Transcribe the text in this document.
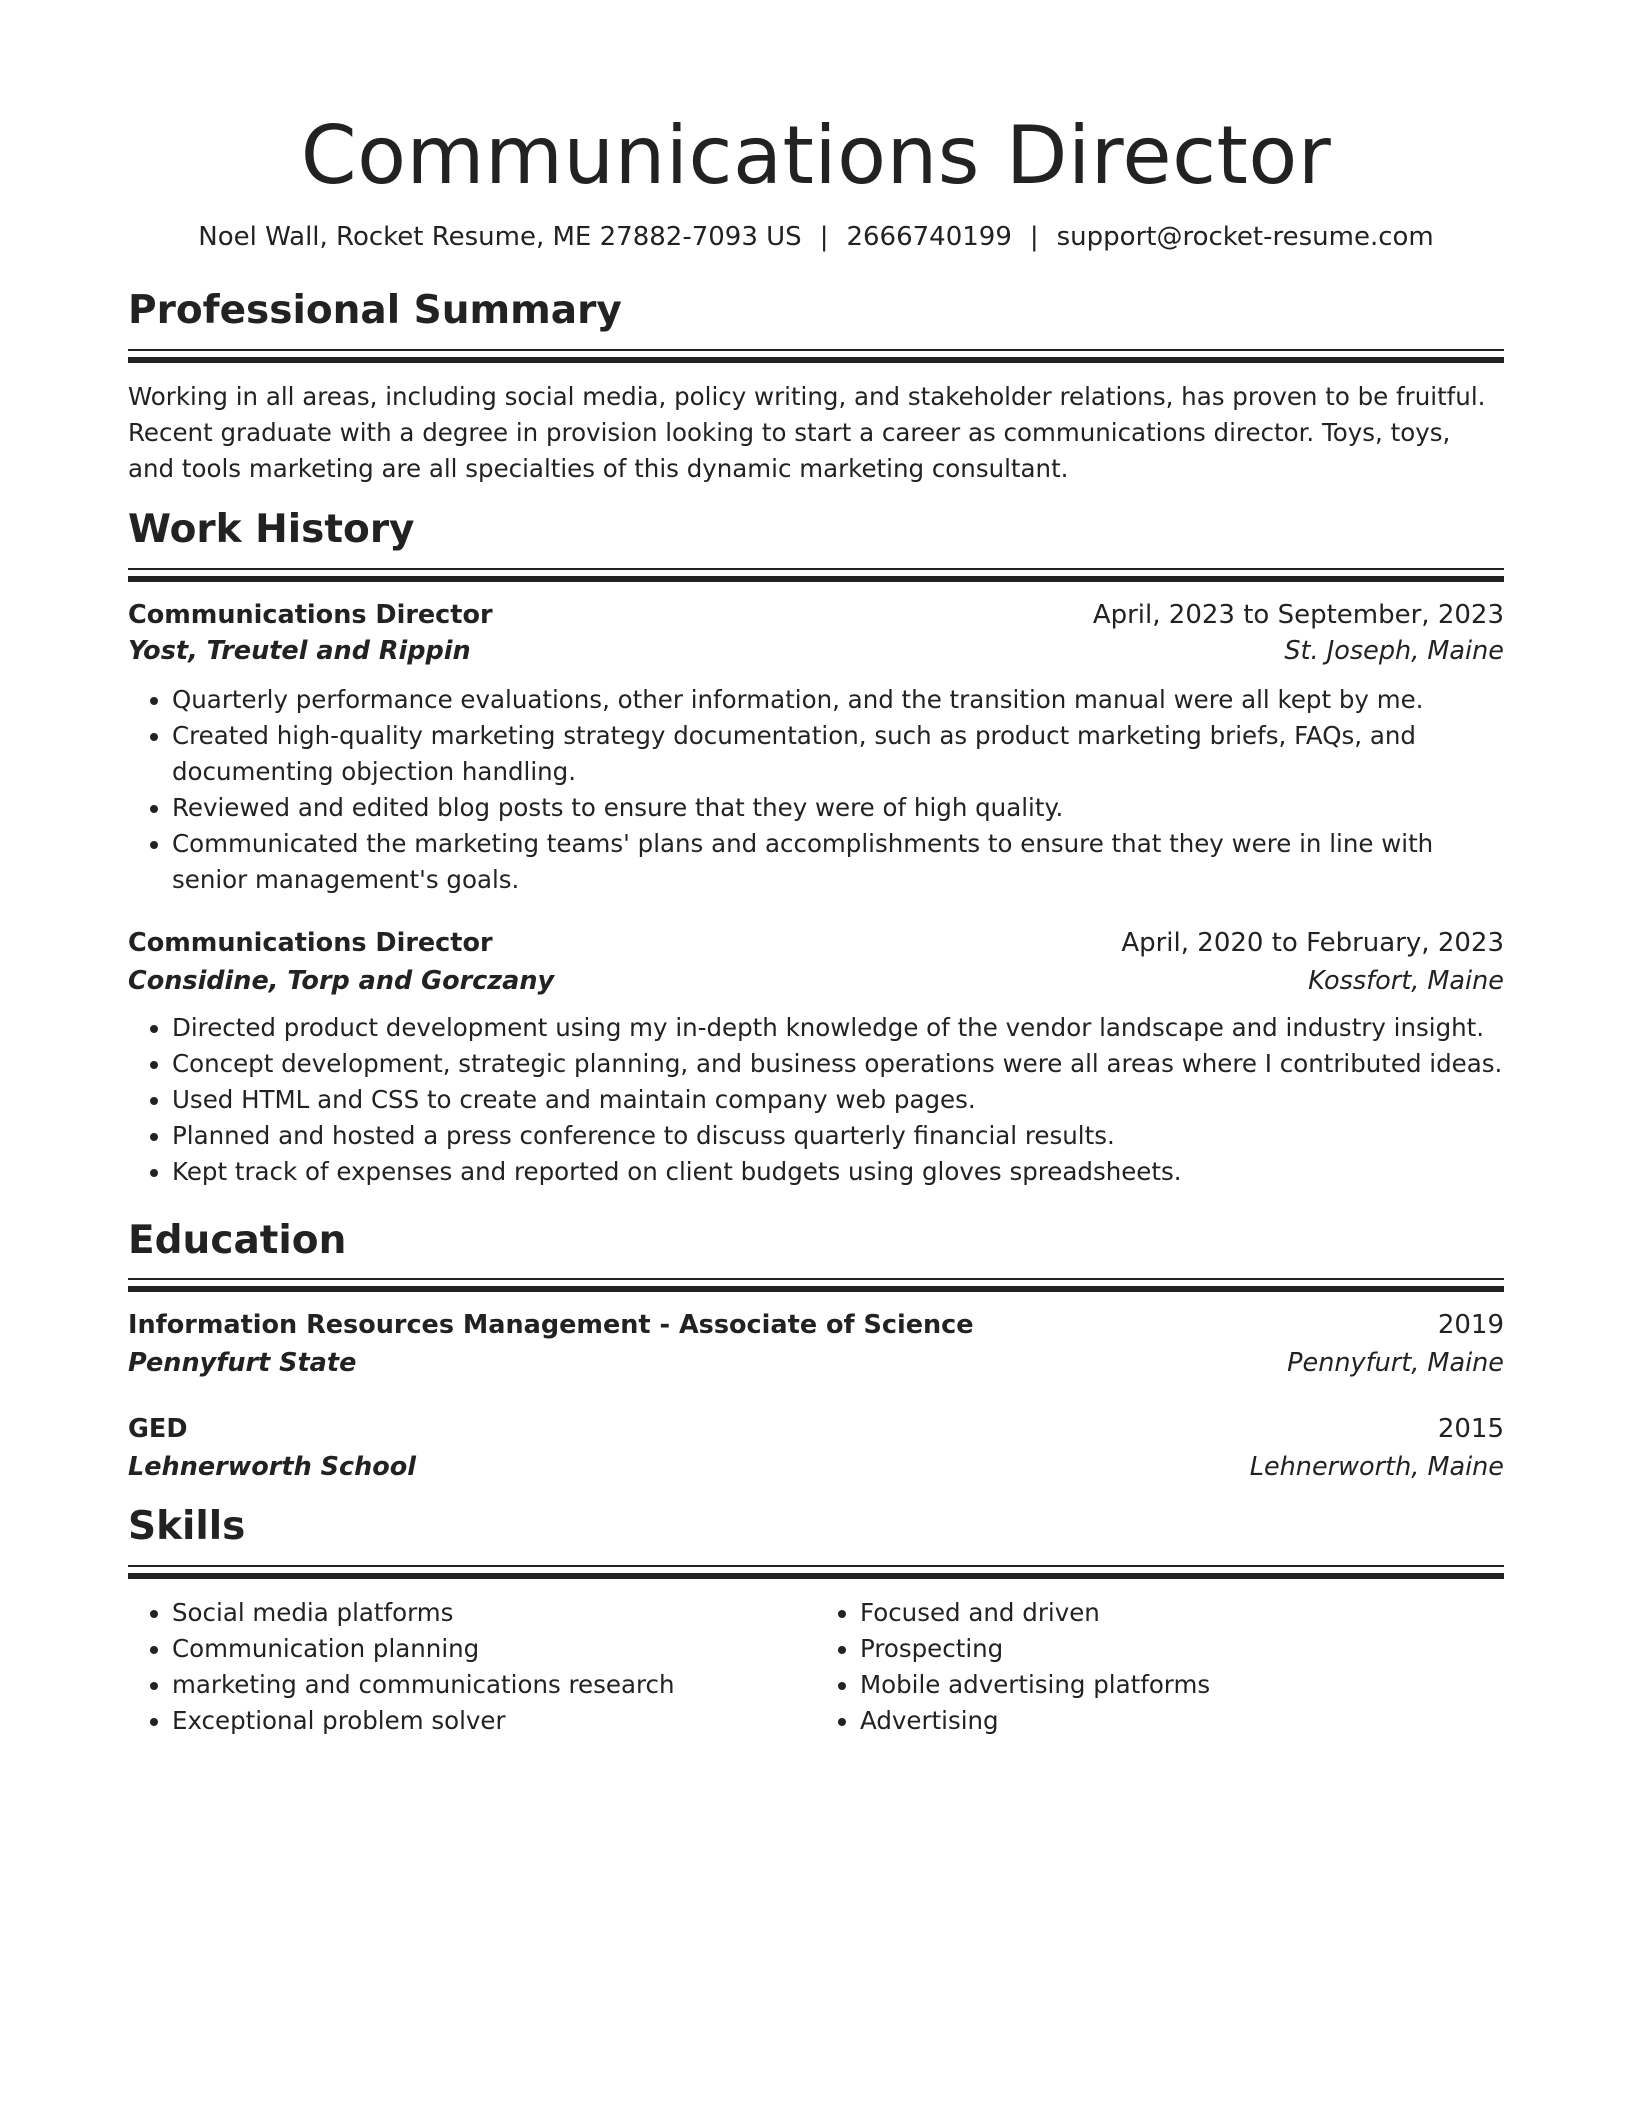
Communications Director
Noel Wall, Rocket Resume, ME 27882-7093 US | 2666740199 | support@rocket-resume.com
Professional Summary
Working in all areas, including social media, policy writing, and stakeholder relations, has proven to be fruitful. Recent graduate with a degree in provision looking to start a career as communications director. Toys, toys, and tools marketing are all specialties of this dynamic marketing consultant.
Work History
Communications Director	April, 2023 to September, 2023
Yost, Treutel and Rippin	St. Joseph, Maine
• Quarterly performance evaluations, other information, and the transition manual were all kept by me.
• Created high-quality marketing strategy documentation, such as product marketing briefs, FAQs, and documenting objection handling.
• Reviewed and edited blog posts to ensure that they were of high quality.
• Communicated the marketing teams' plans and accomplishments to ensure that they were in line with senior management's goals.
Communications Director	April, 2020 to February, 2023
Considine, Torp and Gorczany	Kossfort, Maine
• Directed product development using my in-depth knowledge of the vendor landscape and industry insight.
• Concept development, strategic planning, and business operations were all areas where I contributed ideas.
• Used HTML and CSS to create and maintain company web pages.
• Planned and hosted a press conference to discuss quarterly financial results.
• Kept track of expenses and reported on client budgets using gloves spreadsheets.
Education
Information Resources Management - Associate of Science	2019
Pennyfurt State	Pennyfurt, Maine
GED	2015
Lehnerworth School	Lehnerworth, Maine
Skills
• Social media platforms
• Communication planning
• marketing and communications research
• Exceptional problem solver
• Focused and driven
• Prospecting
• Mobile advertising platforms
• Advertising
